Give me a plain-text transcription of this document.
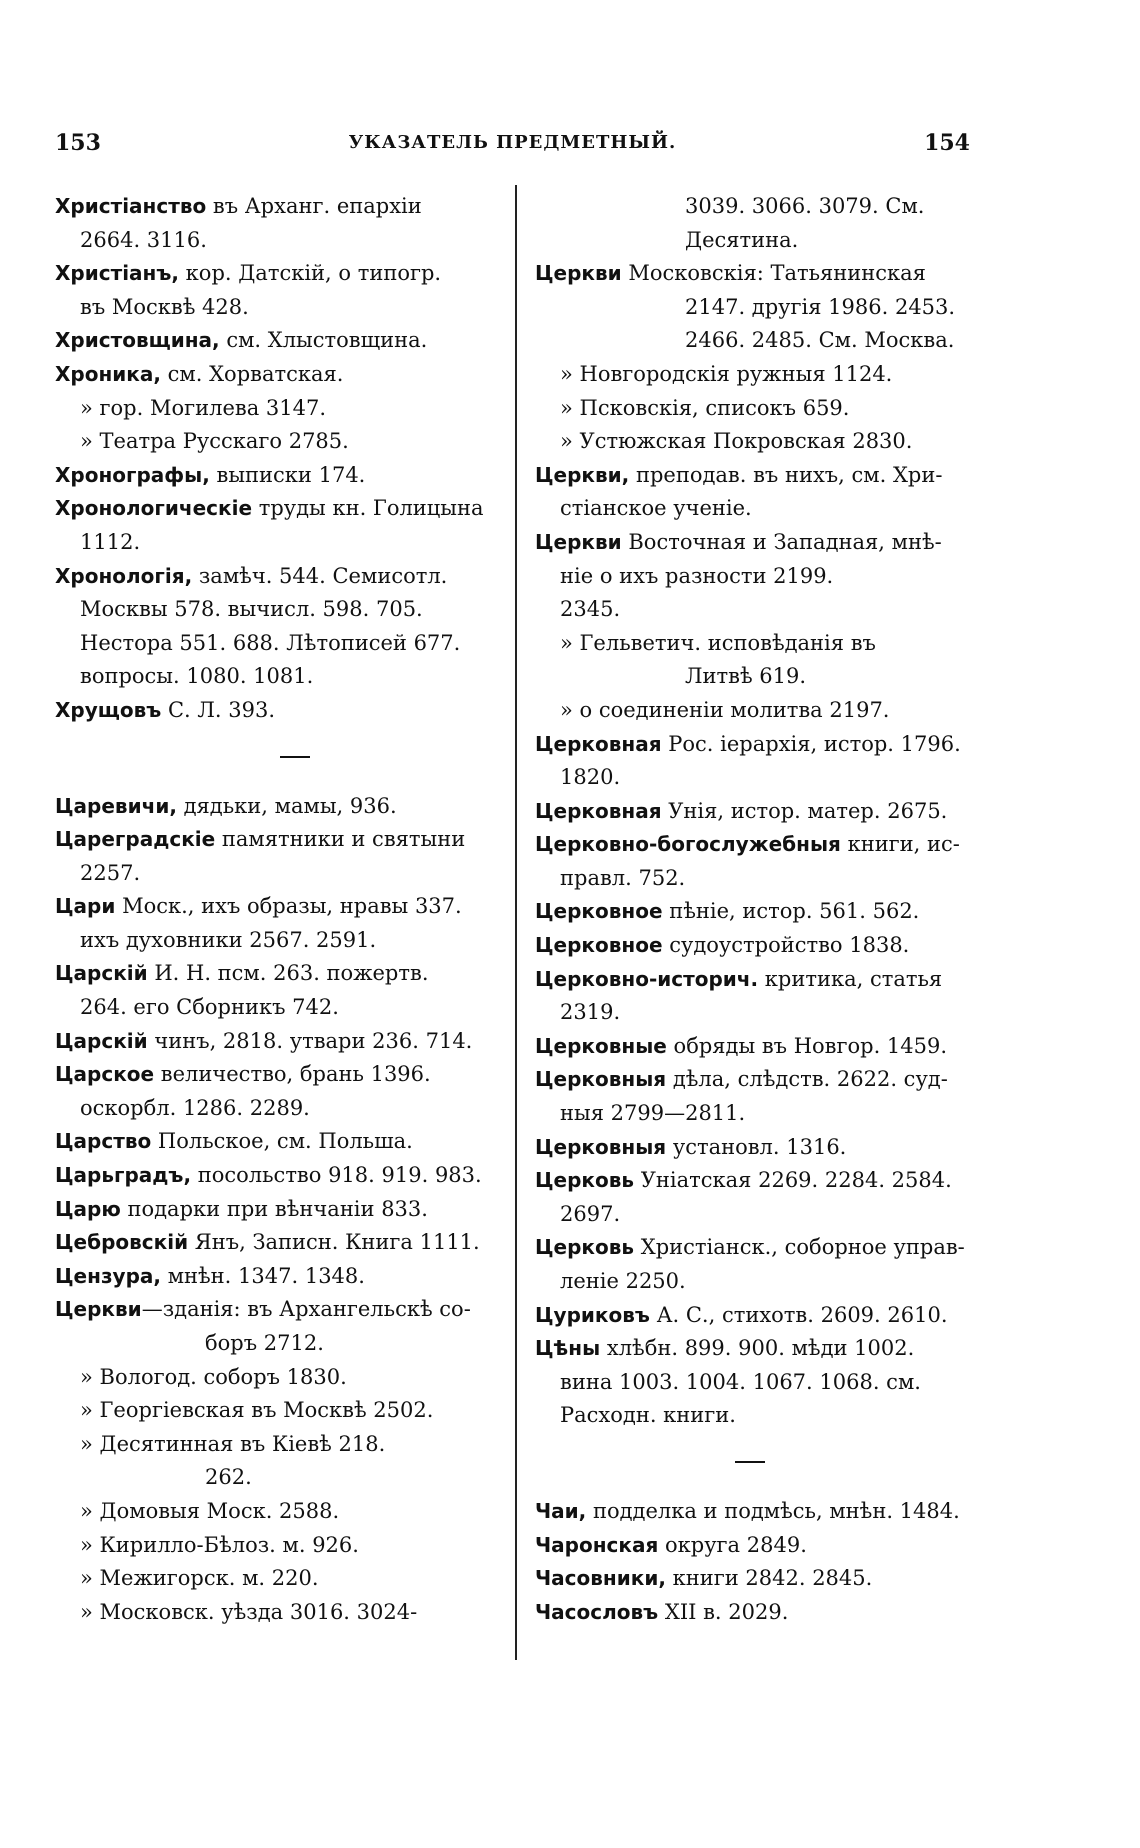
153	УКАЗАТЕЛЬ ПРЕДМЕТНЫЙ.	154
Христіанство въ Арханг. епархіи
2664. 3116.
Христіанъ, кор. Датскій, о типогр.
въ Москвѣ 428.
Христовщина, см. Хлыстовщина.
Хроника, см. Хорватская.
» гор. Могилева 3147.
» Театра Русскаго 2785.
Хронографы, выписки 174.
Хронологическіе труды кн. Голицына
1112.
Хронологія, замѣч. 544. Семисотл.
Москвы 578. вычисл. 598. 705.
Нестора 551. 688. Лѣтописей 677.
вопросы. 1080. 1081.
Хрущовъ С. Л. 393.
Царевичи, дядьки, мамы, 936.
Цареградскіе памятники и святыни
2257.
Цари Моск., ихъ образы, нравы 337.
ихъ духовники 2567. 2591.
Царскій И. Н. псм. 263. пожертв.
264. его Сборникъ 742.
Царскій чинъ, 2818. утвари 236. 714.
Царское величество, брань 1396.
оскорбл. 1286. 2289.
Царство Польское, см. Польша.
Царьградъ, посольство 918. 919. 983.
Царю подарки при вѣнчаніи 833.
Цебровскій Янъ, Записн. Книга 1111.
Цензура, мнѣн. 1347. 1348.
Церкви—зданія: въ Архангельскѣ со-
боръ 2712.
» Вологод. соборъ 1830.
» Георгіевская въ Москвѣ 2502.
» Десятинная въ Кіевѣ 218.
262.
» Домовыя Моск. 2588.
» Кирилло-Бѣлоз. м. 926.
» Межигорск. м. 220.
» Московск. уѣзда 3016. 3024-
3039. 3066. 3079. См.
Десятина.
Церкви Московскія: Татьянинская
2147. другія 1986. 2453.
2466. 2485. См. Москва.
» Новгородскія ружныя 1124.
» Псковскія, списокъ 659.
» Устюжская Покровская 2830.
Церкви, преподав. въ нихъ, см. Хри-
стіанское ученіе.
Церкви Восточная и Западная, мнѣ-
ніе о ихъ разности 2199.
2345.
» Гельветич. исповѣданія въ
Литвѣ 619.
» о соединеніи молитва 2197.
Церковная Рос. іерархія, истор. 1796.
1820.
Церковная Унія, истор. матер. 2675.
Церковно-богослужебныя книги, ис-
правл. 752.
Церковное пѣніе, истор. 561. 562.
Церковное судоустройство 1838.
Церковно-историч. критика, статья
2319.
Церковные обряды въ Новгор. 1459.
Церковныя дѣла, слѣдств. 2622. суд-
ныя 2799—2811.
Церковныя установл. 1316.
Церковь Уніатская 2269. 2284. 2584.
2697.
Церковь Христіанск., соборное управ-
леніе 2250.
Цуриковъ А. С., стихотв. 2609. 2610.
Цѣны хлѣбн. 899. 900. мѣди 1002.
вина 1003. 1004. 1067. 1068. см.
Расходн. книги.
Чаи, подделка и подмѣсь, мнѣн. 1484.
Чаронская округа 2849.
Часовники, книги 2842. 2845.
Часословъ XII в. 2029.
